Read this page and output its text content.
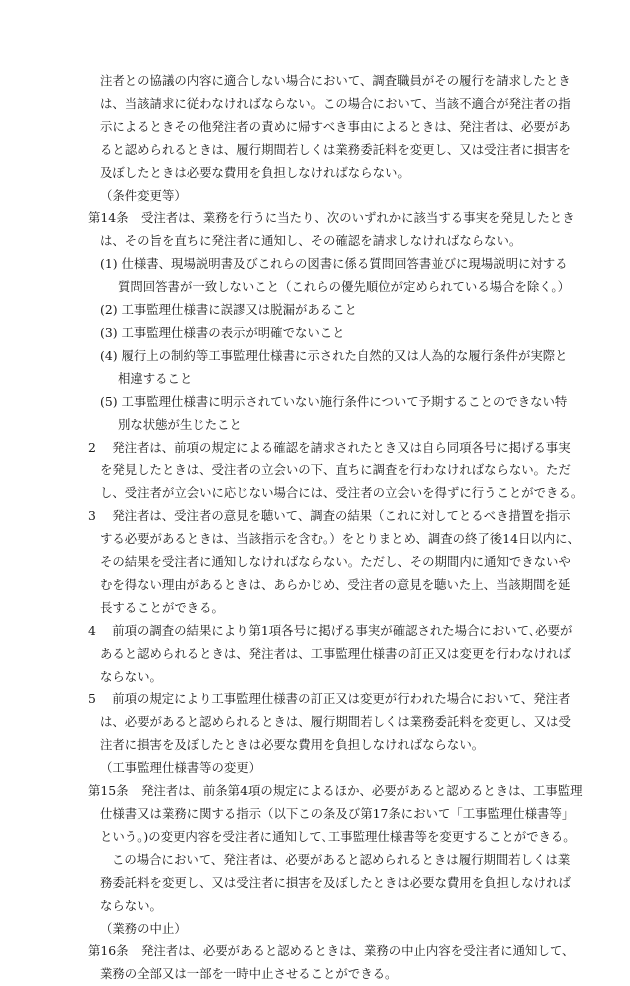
注者との協議の内容に適合しない場合において、調査職員がその履行を請求したとき
は、当該請求に従わなければならない。この場合において、当該不適合が発注者の指
示によるときその他発注者の責めに帰すべき事由によるときは、発注者は、必要があ
ると認められるときは、履行期間若しくは業務委託料を変更し、又は受注者に損害を
及ぼしたときは必要な費用を負担しなければならない。
（条件変更等）
第14条　受注者は、業務を行うに当たり、次のいずれかに該当する事実を発見したとき
は、その旨を直ちに発注者に通知し、その確認を請求しなければならない。
(1) 仕様書、現場説明書及びこれらの図書に係る質問回答書並びに現場説明に対する
質問回答書が一致しないこと（これらの優先順位が定められている場合を除く。）
(2) 工事監理仕様書に誤謬又は脱漏があること
(3) 工事監理仕様書の表示が明確でないこと
(4) 履行上の制約等工事監理仕様書に示された自然的又は人為的な履行条件が実際と
相違すること
(5) 工事監理仕様書に明示されていない施行条件について予期することのできない特
別な状態が生じたこと
2　 発注者は、前項の規定による確認を請求されたとき又は自ら同項各号に掲げる事実
を発見したときは、受注者の立会いの下、直ちに調査を行わなければならない。ただ
し、受注者が立会いに応じない場合には、受注者の立会いを得ずに行うことができる。
3　 発注者は、受注者の意見を聴いて、調査の結果（これに対してとるべき措置を指示
する必要があるときは、当該指示を含む。）をとりまとめ、調査の終了後14日以内に、
その結果を受注者に通知しなければならない。ただし、その期間内に通知できないや
むを得ない理由があるときは、あらかじめ、受注者の意見を聴いた上、当該期間を延
長することができる。
4　 前項の調査の結果により第1項各号に掲げる事実が確認された場合において､必要が
あると認められるときは、発注者は、工事監理仕様書の訂正又は変更を行わなければ
ならない。
5　 前項の規定により工事監理仕様書の訂正又は変更が行われた場合において、発注者
は、必要があると認められるときは、履行期間若しくは業務委託料を変更し、又は受
注者に損害を及ぼしたときは必要な費用を負担しなければならない。
（工事監理仕様書等の変更）
第15条　発注者は、前条第4項の規定によるほか、必要があると認めるときは、工事監理
仕様書又は業務に関する指示（以下この条及び第17条において「工事監理仕様書等」
という。)の変更内容を受注者に通知して､工事監理仕様書等を変更することができる。
この場合において、発注者は、必要があると認められるときは履行期間若しくは業
務委託料を変更し、又は受注者に損害を及ぼしたときは必要な費用を負担しなければ
ならない。
（業務の中止）
第16条　発注者は、必要があると認めるときは、業務の中止内容を受注者に通知して、
業務の全部又は一部を一時中止させることができる。
